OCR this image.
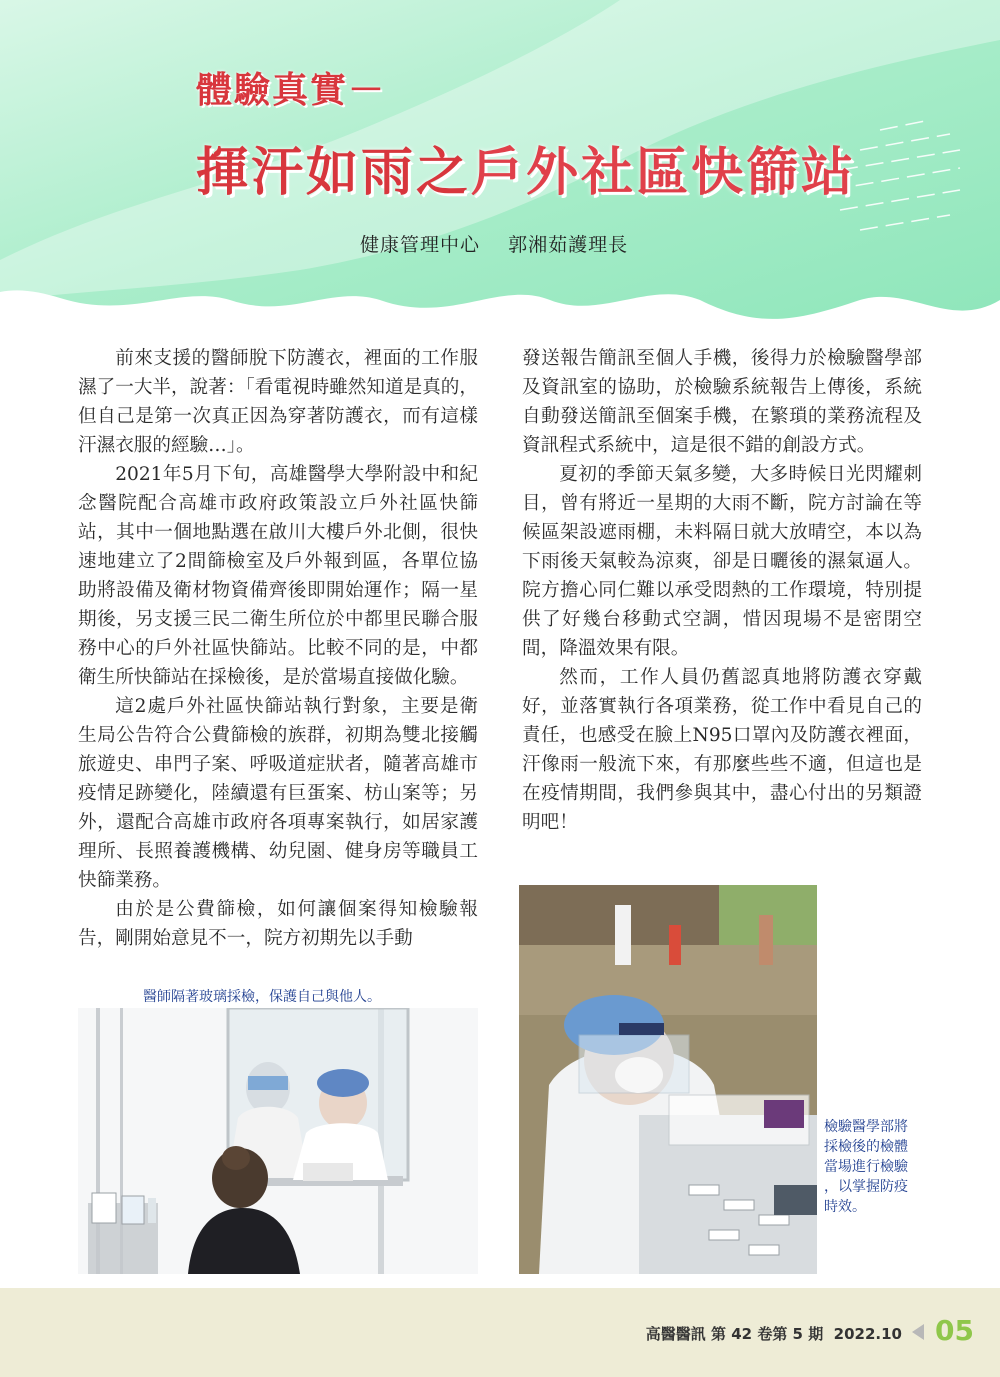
體驗真實－
揮汗如雨之戶外社區快篩站
健康管理中心    郭湘茹護理長

前來支援的醫師脫下防護衣，裡面的工作服濕了一大半，說著：「看電視時雖然知道是真的，但自己是第一次真正因為穿著防護衣，而有這樣汗濕衣服的經驗…」。

2021年5月下旬，高雄醫學大學附設中和紀念醫院配合高雄市政府政策設立戶外社區快篩站，其中一個地點選在啟川大樓戶外北側，很快速地建立了2間篩檢室及戶外報到區，各單位協助將設備及衛材物資備齊後即開始運作；隔一星期後，另支援三民二衛生所位於中都里民聯合服務中心的戶外社區快篩站。比較不同的是，中都衛生所快篩站在採檢後，是於當場直接做化驗。

這2處戶外社區快篩站執行對象，主要是衛生局公告符合公費篩檢的族群，初期為雙北接觸旅遊史、串門子案、呼吸道症狀者，隨著高雄市疫情足跡變化，陸續還有巨蛋案、枋山案等；另外，還配合高雄市政府各項專案執行，如居家護理所、長照養護機構、幼兒園、健身房等職員工快篩業務。

由於是公費篩檢，如何讓個案得知檢驗報告，剛開始意見不一，院方初期先以手動

發送報告簡訊至個人手機，後得力於檢驗醫學部及資訊室的協助，於檢驗系統報告上傳後，系統自動發送簡訊至個案手機，在繁瑣的業務流程及資訊程式系統中，這是很不錯的創設方式。

夏初的季節天氣多變，大多時候日光閃耀刺目，曾有將近一星期的大雨不斷，院方討論在等候區架設遮雨棚，未料隔日就大放晴空，本以為下雨後天氣較為涼爽，卻是日曬後的濕氣逼人。院方擔心同仁難以承受悶熱的工作環境，特別提供了好幾台移動式空調，惜因現場不是密閉空間，降溫效果有限。

然而，工作人員仍舊認真地將防護衣穿戴好，並落實執行各項業務，從工作中看見自己的責任，也感受在臉上N95口罩內及防護衣裡面，汗像雨一般流下來，有那麼些些不適，但這也是在疫情期間，我們參與其中，盡心付出的另類證明吧！

醫師隔著玻璃採檢，保護自己與他人。
檢驗醫學部將
採檢後的檢體
當場進行檢驗
，以掌握防疫
時效。
高醫醫訊 第 42 卷第 5 期 2022.10 05
